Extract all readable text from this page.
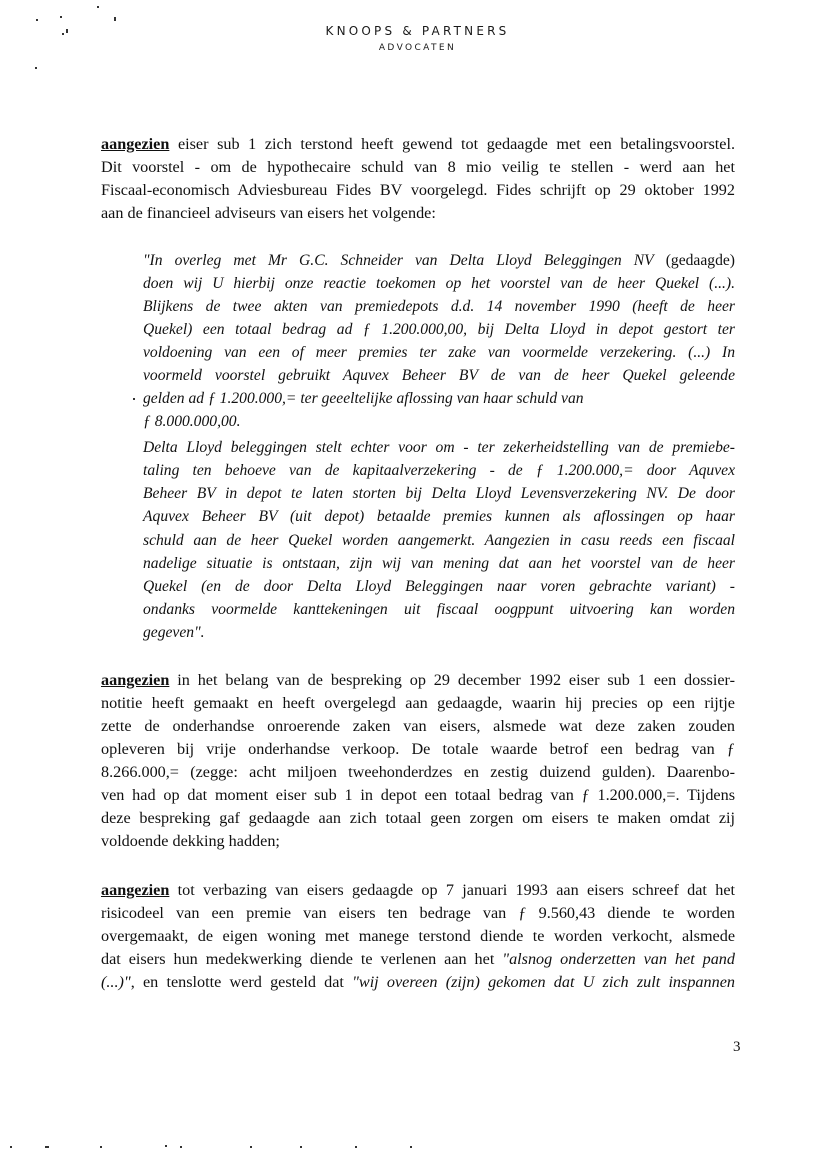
KNOOPS & PARTNERS
ADVOCATEN
aangezien eiser sub 1 zich terstond heeft gewend tot gedaagde met een betalingsvoorstel.
Dit voorstel - om de hypothecaire schuld van 8 mio veilig te stellen - werd aan het
Fiscaal-economisch Adviesbureau Fides BV voorgelegd. Fides schrijft op 29 oktober 1992
aan de financieel adviseurs van eisers het volgende:
"In overleg met Mr G.C. Schneider van Delta Lloyd Beleggingen NV (gedaagde)
doen wij U hierbij onze reactie toekomen op het voorstel van de heer Quekel (...).
Blijkens de twee akten van premiedepots d.d. 14 november 1990 (heeft de heer
Quekel) een totaal bedrag ad ƒ 1.200.000,00, bij Delta Lloyd in depot gestort ter
voldoening van een of meer premies ter zake van voormelde verzekering. (...) In
voormeld voorstel gebruikt Aquvex Beheer BV de van de heer Quekel geleende
gelden ad ƒ 1.200.000,= ter geeeltelijke aflossing van haar schuld van
ƒ 8.000.000,00.
Delta Lloyd beleggingen stelt echter voor om - ter zekerheidstelling van de premiebe-
taling ten behoeve van de kapitaalverzekering - de ƒ 1.200.000,= door Aquvex
Beheer BV in depot te laten storten bij Delta Lloyd Levensverzekering NV. De door
Aquvex Beheer BV (uit depot) betaalde premies kunnen als aflossingen op haar
schuld aan de heer Quekel worden aangemerkt. Aangezien in casu reeds een fiscaal
nadelige situatie is ontstaan, zijn wij van mening dat aan het voorstel van de heer
Quekel (en de door Delta Lloyd Beleggingen naar voren gebrachte variant) -
ondanks voormelde kanttekeningen uit fiscaal oogppunt uitvoering kan worden
gegeven".
aangezien in het belang van de bespreking op 29 december 1992 eiser sub 1 een dossier-
notitie heeft gemaakt en heeft overgelegd aan gedaagde, waarin hij precies op een rijtje
zette de onderhandse onroerende zaken van eisers, alsmede wat deze zaken zouden
opleveren bij vrije onderhandse verkoop. De totale waarde betrof een bedrag van ƒ
8.266.000,= (zegge: acht miljoen tweehonderdzes en zestig duizend gulden). Daarenbo-
ven had op dat moment eiser sub 1 in depot een totaal bedrag van ƒ 1.200.000,=. Tijdens
deze bespreking gaf gedaagde aan zich totaal geen zorgen om eisers te maken omdat zij
voldoende dekking hadden;
aangezien tot verbazing van eisers gedaagde op 7 januari 1993 aan eisers schreef dat het
risicodeel van een premie van eisers ten bedrage van ƒ 9.560,43 diende te worden
overgemaakt, de eigen woning met manege terstond diende te worden verkocht, alsmede
dat eisers hun medekwerking diende te verlenen aan het "alsnog onderzetten van het pand
(...)", en tenslotte werd gesteld dat "wij overeen (zijn) gekomen dat U zich zult inspannen
3
